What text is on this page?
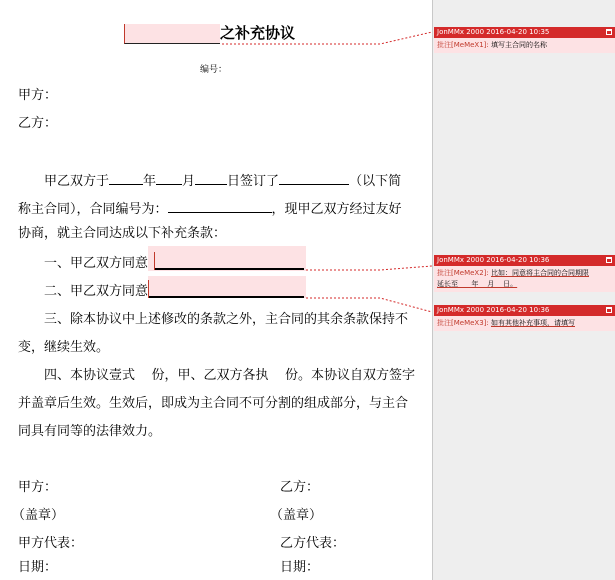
之补充协议
编号：
甲方：
乙方：
甲乙双方于	年 月 日签订了	（以下简
称主合同），合同编号为：	，现甲乙双方经过友好
协商，就主合同达成以下补充条款：
一、甲乙双方同意
二、甲乙双方同意
三、除本协议中上述修改的条款之外，主合同的其余条款保持不
变，继续生效。
四、本协议壹式    份，甲、乙双方各执    份。本协议自双方签字
并盖章后生效。生效后，即成为主合同不可分割的组成部分，与主合
同具有同等的法律效力。
甲方：	乙方：
（盖章）	（盖章）
甲方代表：	乙方代表：
日期：	日期：
JonMMx 2000 2016-04-20 10:35
批注[MeMeX1]: 填写主合同的名称
JonMMx 2000 2016-04-20 10:36
批注[MeMeX2]: 比如：同意将主合同的合同期限
延长至      年    月    日。
JonMMx 2000 2016-04-20 10:36
批注[MeMeX3]: 如有其他补充事项，请填写
